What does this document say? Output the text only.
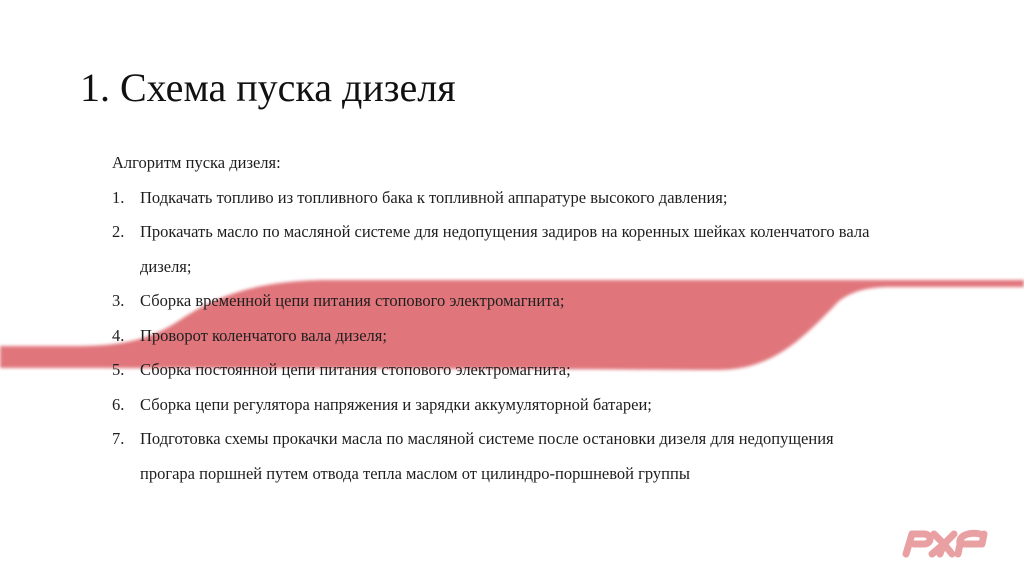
1. Схема пуска дизеля

Алгоритм пуска дизеля:

1. Подкачать топливо из топливного бака к топливной аппаратуре высокого давления;
2. Прокачать масло по масляной системе для недопущения задиров на коренных шейках коленчатого вала дизеля;
3. Сборка временной цепи питания стопового электромагнита;
4. Проворот коленчатого вала дизеля;
5. Сборка постоянной цепи питания стопового электромагнита;
6. Сборка цепи регулятора напряжения и зарядки аккумуляторной батареи;
7. Подготовка схемы прокачки масла по масляной системе после остановки дизеля для недопущения прогара поршней путем отвода тепла маслом от цилиндро-поршневой группы
